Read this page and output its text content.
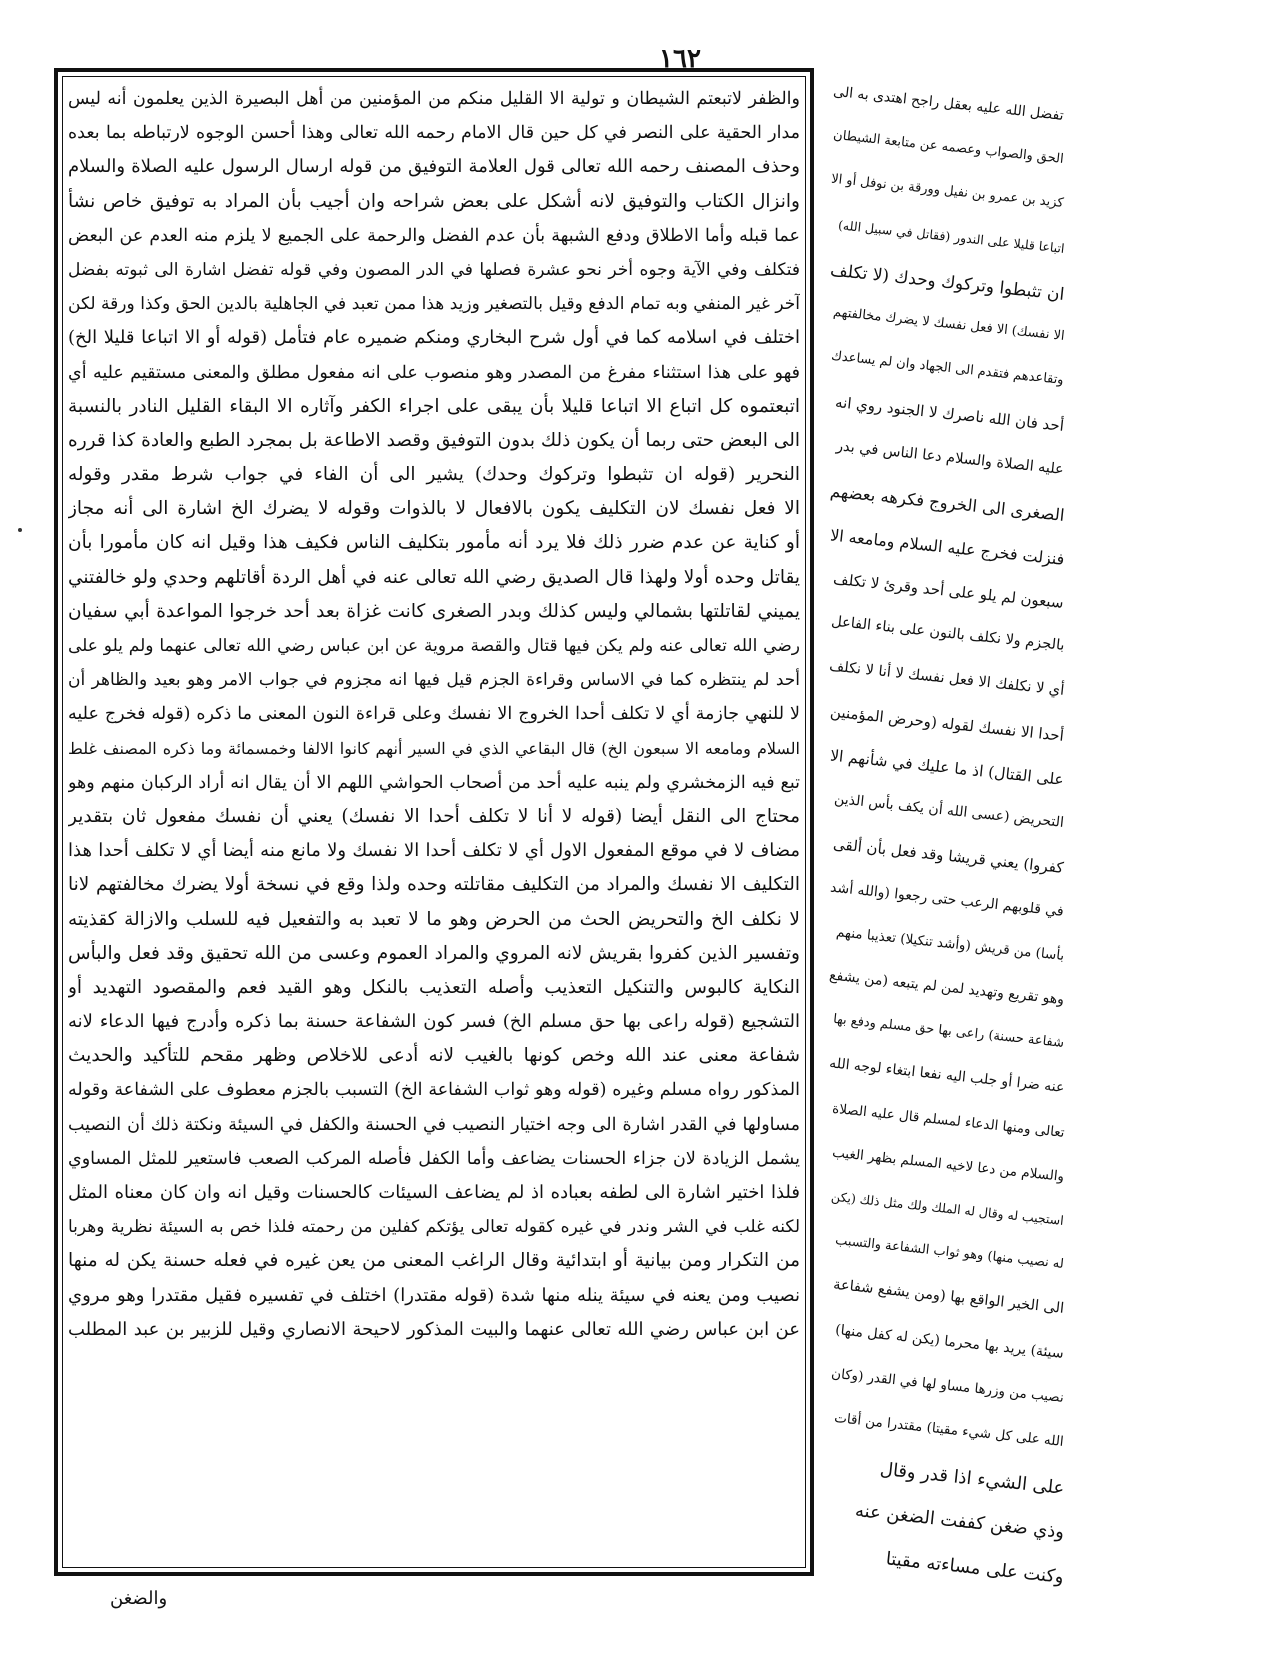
١٦٢
والظفر لاتبعتم الشيطان و تولية الا القليل منكم من المؤمنين من أهل البصيرة الذين يعلمون أنه ليس
مدار الحقية على النصر في كل حين قال الامام رحمه الله تعالى وهذا أحسن الوجوه لارتباطه بما بعده
وحذف المصنف رحمه الله تعالى قول العلامة التوفيق من قوله ارسال الرسول عليه الصلاة والسلام
وانزال الكتاب والتوفيق لانه أشكل على بعض شراحه وان أجيب بأن المراد به توفيق خاص نشأ
عما قبله وأما الاطلاق ودفع الشبهة بأن عدم الفضل والرحمة على الجميع لا يلزم منه العدم عن البعض
فتكلف وفي الآية وجوه أخر نحو عشرة فصلها في الدر المصون وفي قوله تفضل اشارة الى ثبوته بفضل
آخر غير المنفي وبه تمام الدفع وقيل بالتصغير وزيد هذا ممن تعبد في الجاهلية بالدين الحق وكذا ورقة لكن
اختلف في اسلامه كما في أول شرح البخاري ومنكم ضميره عام فتأمل (قوله أو الا اتباعا قليلا الخ)
فهو على هذا استثناء مفرغ من المصدر وهو منصوب على انه مفعول مطلق والمعنى مستقيم عليه أي
اتبعتموه كل اتباع الا اتباعا قليلا بأن يبقى على اجراء الكفر وآثاره الا البقاء القليل النادر بالنسبة
الى البعض حتى ربما أن يكون ذلك بدون التوفيق وقصد الاطاعة بل بمجرد الطبع والعادة كذا قرره
النحرير (قوله ان تثبطوا وتركوك وحدك) يشير الى أن الفاء في جواب شرط مقدر وقوله
الا فعل نفسك لان التكليف يكون بالافعال لا بالذوات وقوله لا يضرك الخ اشارة الى أنه مجاز
أو كناية عن عدم ضرر ذلك فلا يرد أنه مأمور بتكليف الناس فكيف هذا وقيل انه كان مأمورا بأن
يقاتل وحده أولا ولهذا قال الصديق رضي الله تعالى عنه في أهل الردة أقاتلهم وحدي ولو خالفتني
يميني لقاتلتها بشمالي وليس كذلك وبدر الصغرى كانت غزاة بعد أحد خرجوا المواعدة أبي سفيان
رضي الله تعالى عنه ولم يكن فيها قتال والقصة مروية عن ابن عباس رضي الله تعالى عنهما ولم يلو على
أحد لم ينتظره كما في الاساس وقراءة الجزم قيل فيها انه مجزوم في جواب الامر وهو بعيد والظاهر أن
لا للنهي جازمة أي لا تكلف أحدا الخروج الا نفسك وعلى قراءة النون المعنى ما ذكره (قوله فخرج عليه
السلام ومامعه الا سبعون الخ) قال البقاعي الذي في السير أنهم كانوا الالفا وخمسمائة وما ذكره المصنف غلط
تبع فيه الزمخشري ولم ينبه عليه أحد من أصحاب الحواشي اللهم الا أن يقال انه أراد الركبان منهم وهو
محتاج الى النقل أيضا (قوله لا أنا لا تكلف أحدا الا نفسك) يعني أن نفسك مفعول ثان بتقدير
مضاف لا في موقع المفعول الاول أي لا تكلف أحدا الا نفسك ولا مانع منه أيضا أي لا تكلف أحدا هذا
التكليف الا نفسك والمراد من التكليف مقاتلته وحده ولذا وقع في نسخة أولا يضرك مخالفتهم لانا
لا نكلف الخ والتحريض الحث من الحرض وهو ما لا تعبد به والتفعيل فيه للسلب والازالة كقذيته
وتفسير الذين كفروا بقريش لانه المروي والمراد العموم وعسى من الله تحقيق وقد فعل والبأس
النكاية كالبوس والتنكيل التعذيب وأصله التعذيب بالنكل وهو القيد فعم والمقصود التهديد أو
التشجيع (قوله راعى بها حق مسلم الخ) فسر كون الشفاعة حسنة بما ذكره وأدرج فيها الدعاء لانه
شفاعة معنى عند الله وخص كونها بالغيب لانه أدعى للاخلاص وظهر مقحم للتأكيد والحديث
المذكور رواه مسلم وغيره (قوله وهو ثواب الشفاعة الخ) التسبب بالجزم معطوف على الشفاعة وقوله
مساولها في القدر اشارة الى وجه اختيار النصيب في الحسنة والكفل في السيئة ونكتة ذلك أن النصيب
يشمل الزيادة لان جزاء الحسنات يضاعف وأما الكفل فأصله المركب الصعب فاستعير للمثل المساوي
فلذا اختير اشارة الى لطفه بعباده اذ لم يضاعف السيئات كالحسنات وقيل انه وان كان معناه المثل
لكنه غلب في الشر وندر في غيره كقوله تعالى يؤتكم كفلين من رحمته فلذا خص به السيئة نظرية وهربا
من التكرار ومن بيانية أو ابتدائية وقال الراغب المعنى من يعن غيره في فعله حسنة يكن له منها
نصيب ومن يعنه في سيئة ينله منها شدة (قوله مقتدرا) اختلف في تفسيره فقيل مقتدرا وهو مروي
عن ابن عباس رضي الله تعالى عنهما والبيت المذكور لاحيحة الانصاري وقيل للزبير بن عبد المطلب
والضغن
تفضل الله عليه بعقل راجح اهتدى به الى
الحق والصواب وعصمه عن متابعة الشيطان
كزيد بن عمرو بن نفيل وورقة بن نوفل أو الا
اتباعا قليلا على الندور (فقاتل في سبيل الله)
ان تثبطوا وتركوك وحدك (لا تكلف
الا نفسك) الا فعل نفسك لا يضرك مخالفتهم
وتقاعدهم فتقدم الى الجهاد وان لم يساعدك
أحد فان الله ناصرك لا الجنود روي انه
عليه الصلاة والسلام دعا الناس في بدر
الصغرى الى الخروج فكرهه بعضهم
فنزلت فخرج عليه السلام ومامعه الا
سبعون لم يلو على أحد وقرئ لا تكلف
بالجزم ولا نكلف بالنون على بناء الفاعل
أي لا نكلفك الا فعل نفسك لا أنا لا نكلف
أحدا الا نفسك لقوله (وحرض المؤمنين
على القتال) اذ ما عليك في شأنهم الا
التحريض (عسى الله أن يكف بأس الذين
كفروا) يعني قريشا وقد فعل بأن ألقى
في قلوبهم الرعب حتى رجعوا (والله أشد
بأسا) من قريش (وأشد تنكيلا) تعذيبا منهم
وهو تقريع وتهديد لمن لم يتبعه (من يشفع
شفاعة حسنة) راعى بها حق مسلم ودفع بها
عنه ضرا أو جلب اليه نفعا ابتغاء لوجه الله
تعالى ومنها الدعاء لمسلم قال عليه الصلاة
والسلام من دعا لاخيه المسلم بظهر الغيب
استجيب له وقال له الملك ولك مثل ذلك (يكن
له نصيب منها) وهو ثواب الشفاعة والتسبب
الى الخير الواقع بها (ومن يشفع شفاعة
سيئة) يريد بها محرما (يكن له كفل منها)
نصيب من وزرها مساو لها في القدر (وكان
الله على كل شيء مقيتا) مقتدرا من أقات
على الشيء اذا قدر وقال
وذي ضغن كففت الضغن عنه
وكنت على مساءته مقيتا
